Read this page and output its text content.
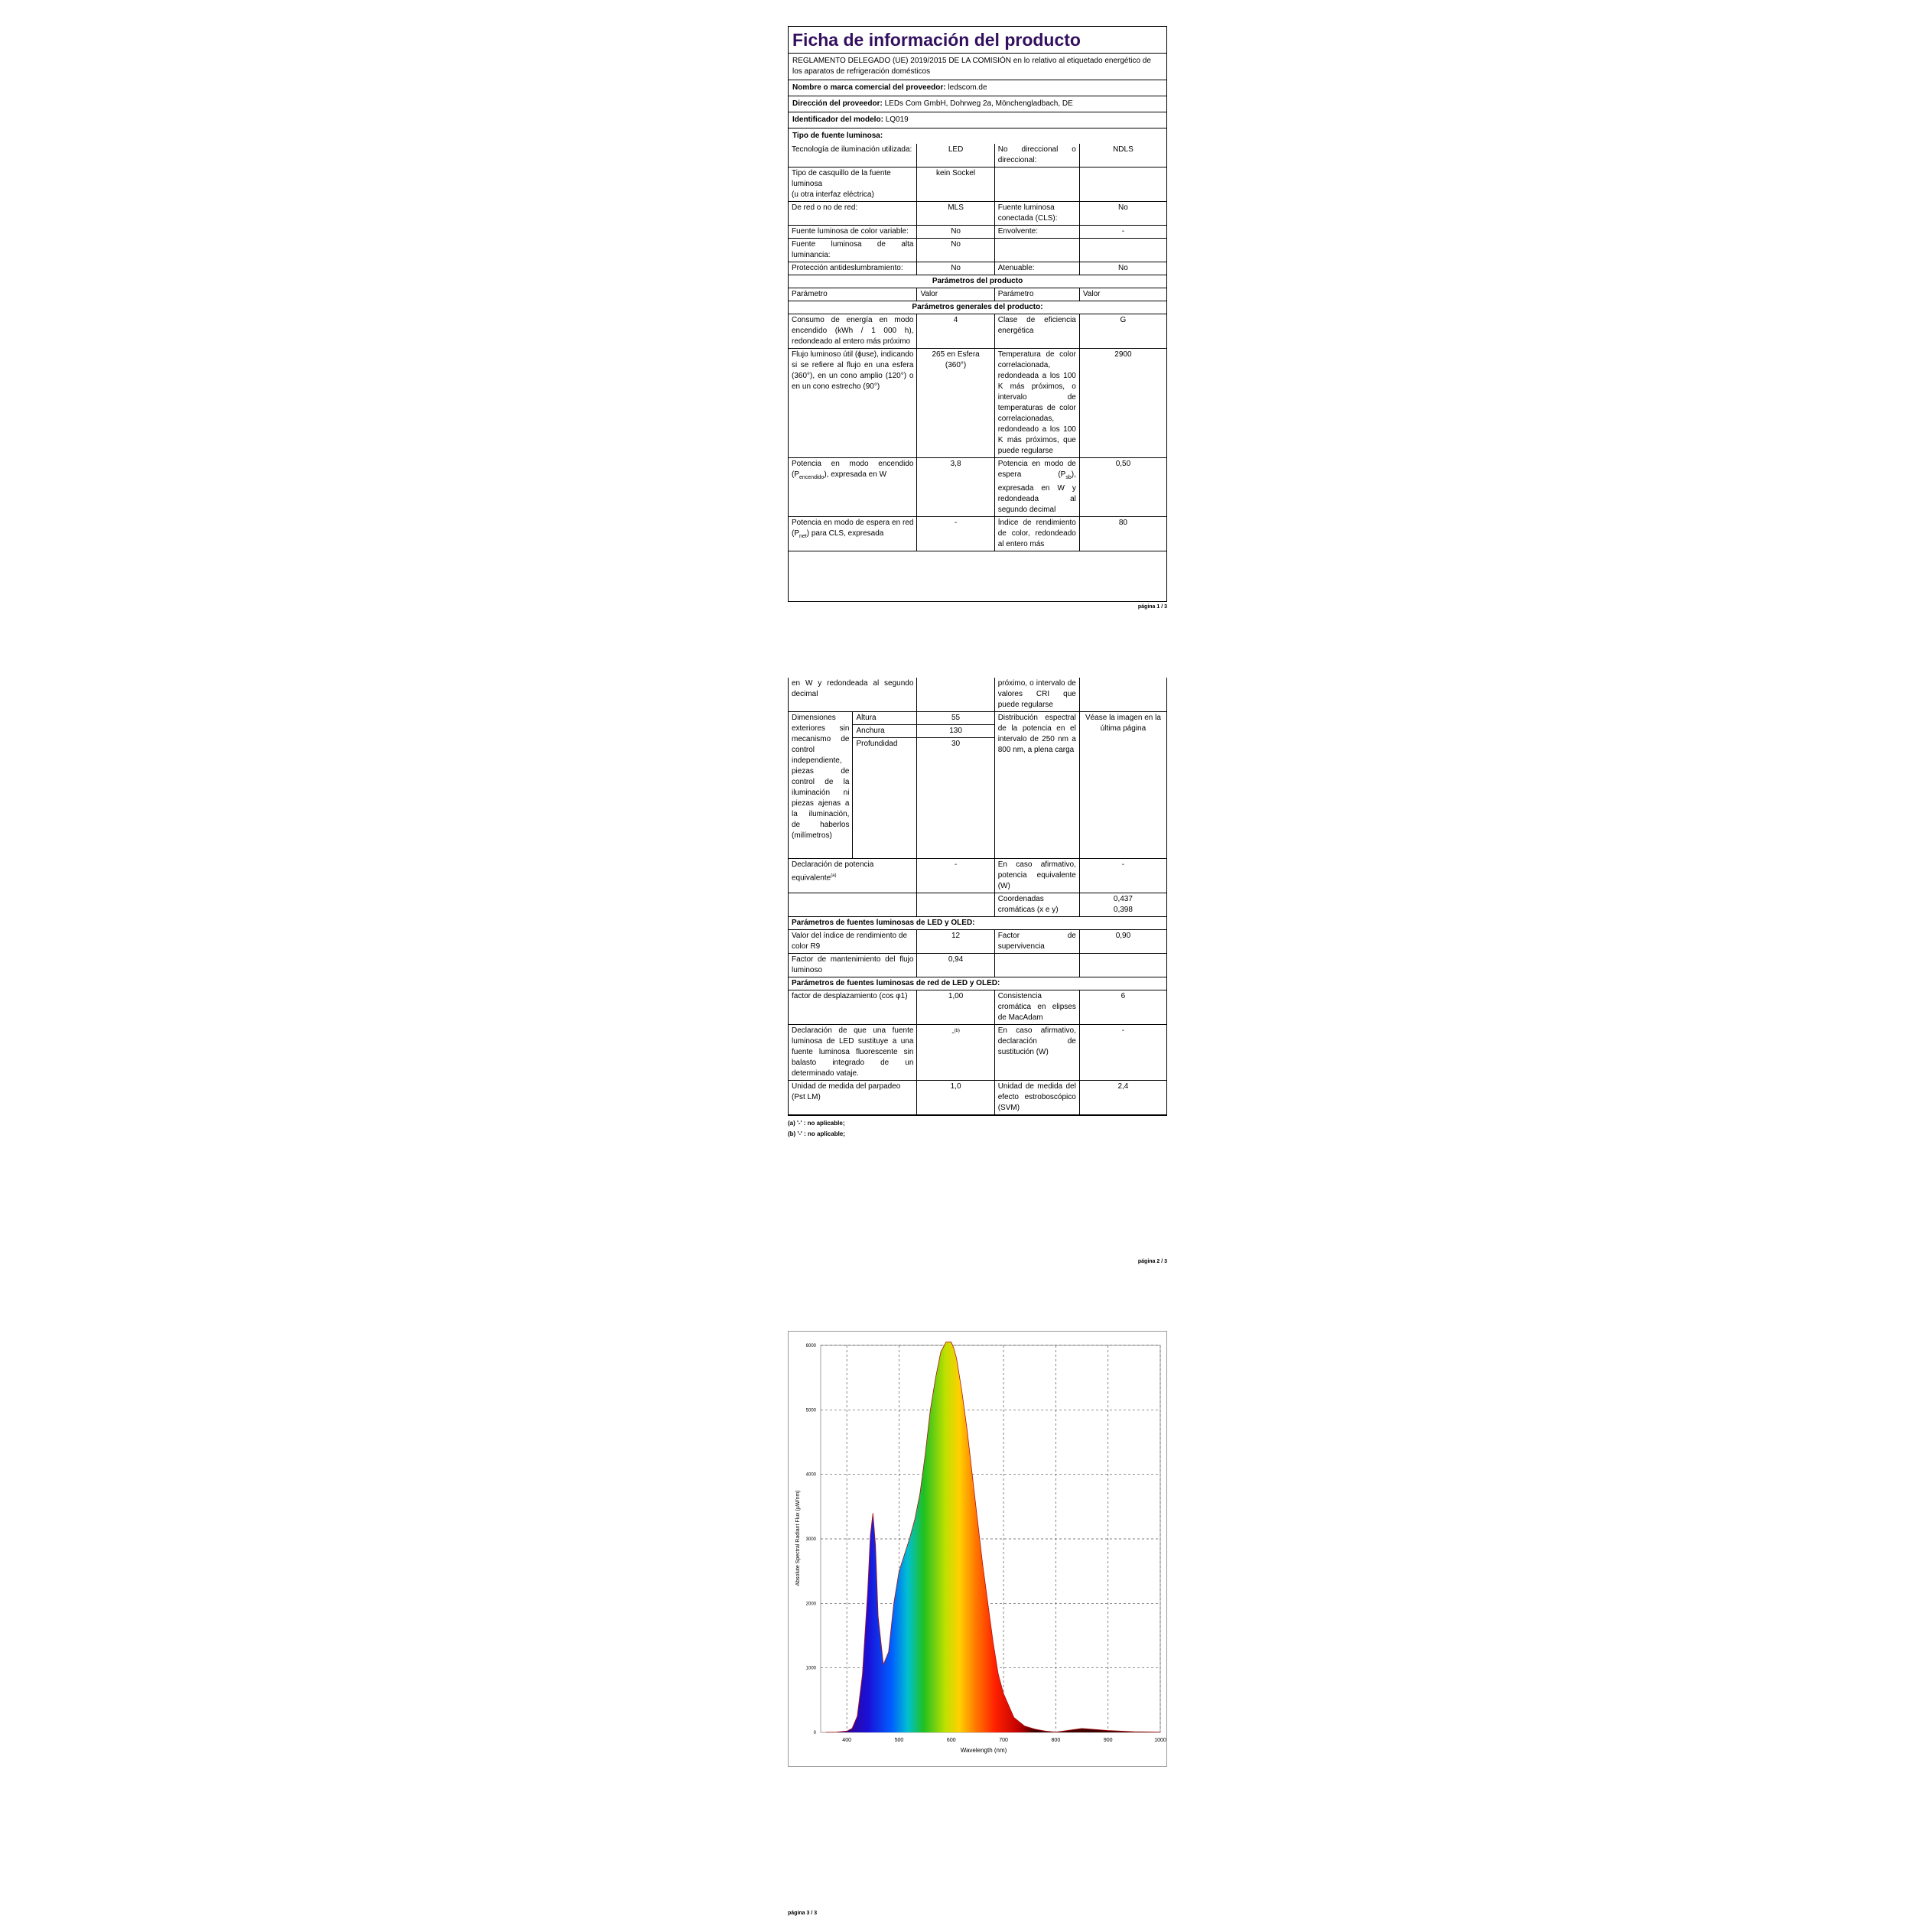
Ficha de información del producto
REGLAMENTO DELEGADO (UE) 2019/2015 DE LA COMISIÓN en lo relativo al etiquetado energético de los aparatos de refrigeración domésticos
Nombre o marca comercial del proveedor: ledscom.de
Dirección del proveedor: LEDs Com GmbH, Dohrweg 2a, Mönchengladbach, DE
Identificador del modelo: LQ019
Tipo de fuente luminosa:
Tecnología de iluminación utilizada:	LED	No direccional o direccional:	NDLS

Tipo de casquillo de la fuente luminosa
(u otra interfaz eléctrica)	kein Sockel		
De red o no de red:	MLS	Fuente luminosa conectada (CLS):	No
Fuente luminosa de color variable:	No	Envolvente:	-
Fuente luminosa de alta luminancia:	No		
Protección antideslumbramiento:	No	Atenuable:	No
Parámetros del producto			
Parámetro	Valor	Parámetro	Valor
Parámetros generales del producto:			
Consumo de energía en modo encendido (kWh / 1 000 h), redondeado al entero más próximo	4	Clase de eficiencia energética	G
Flujo luminoso útil (ɸuse), indicando si se refiere al flujo en una esfera (360°), en un cono amplio (120°) o en un cono estrecho (90°)	265 en Esfera (360°)	Temperatura de color correlacionada, redondeada a los 100 K más próximos, o intervalo de temperaturas de color correlacionadas, redondeado a los 100 K más próximos, que puede regularse	2900
Potencia en modo encendido $(P_{encendido})$, expresada en W	3,8	Potencia en modo de espera $(P_{sb})$, expresada en W y redondeada al segundo decimal	0,50
Potencia en modo de espera en red $(P_{net})$ para CLS, expresada	-	Índice de rendimiento de color, redondeado al entero más	80
página 1 / 3
en W y redondeada al segundo decimal			próximo, o intervalo de valores CRI que puede regularse	
Dimensiones exteriores sin mecanismo de control independiente, piezas de control de la iluminación ni piezas ajenas a la iluminación, de haberlos (milímetros)	Altura	55	Distribución espectral de la potencia en el intervalo de 250 nm a 800 nm, a plena carga	Véase la imagen en la última página
	Anchura	130		
	Profundidad	30		
Declaración de potencia equivalente$^{(a)}$		-	En caso afirmativo, potencia equivalente (W)	-
			Coordenadas cromáticas (x e y)	0,437
0,398

Parámetros de fuentes luminosas de LED y OLED:				
Valor del índice de rendimiento de color R9		12	Factor de supervivencia	0,90
Factor de mantenimiento del flujo luminoso		0,94		
Parámetros de fuentes luminosas de red de LED y OLED:				
factor de desplazamiento (cos φ1)		1,00	Consistencia cromática en elipses de MacAdam	6
Declaración de que una fuente luminosa de LED sustituye a una fuente luminosa fluorescente sin balasto integrado de un determinado vataje.		-$^{(b)}$	En caso afirmativo, declaración de sustitución (W)	-
Unidad de medida del parpadeo (Pst LM)		1,0	Unidad de medida del efecto estroboscópico (SVM)	2,4
(a) '-' : no aplicable;
(b) '-' : no aplicable;
página 2 / 3
400	500	600	700	800	900	1000
0
1000
2000
3000
4000
5000
6000
Wavelength (nm)
Absolute Spectral Radiant Flux (µW/nm)
página 3 / 3
